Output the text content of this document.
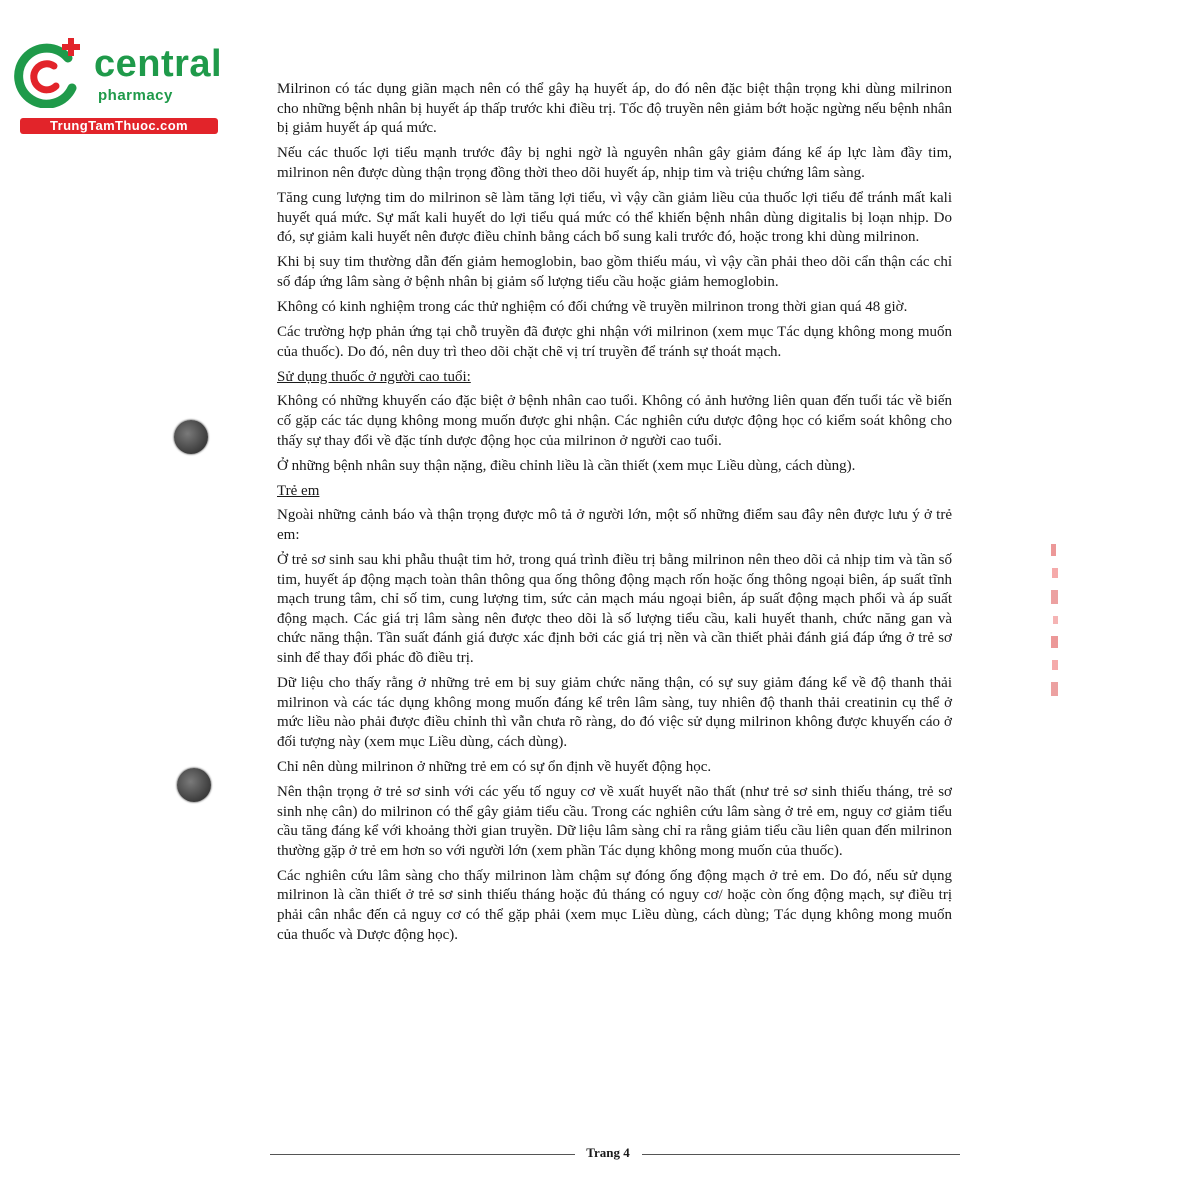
central
pharmacy
TrungTamThuoc.com

Milrinon có tác dụng giãn mạch nên có thể gây hạ huyết áp, do đó nên đặc biệt thận trọng khi dùng milrinon cho những bệnh nhân bị huyết áp thấp trước khi điều trị. Tốc độ truyền nên giảm bớt hoặc ngừng nếu bệnh nhân bị giảm huyết áp quá mức.

Nếu các thuốc lợi tiểu mạnh trước đây bị nghi ngờ là nguyên nhân gây giảm đáng kể áp lực làm đầy tim, milrinon nên được dùng thận trọng đồng thời theo dõi huyết áp, nhịp tim và triệu chứng lâm sàng.

Tăng cung lượng tim do milrinon sẽ làm tăng lợi tiểu, vì vậy cần giảm liều của thuốc lợi tiểu để tránh mất kali huyết quá mức. Sự mất kali huyết do lợi tiểu quá mức có thể khiến bệnh nhân dùng digitalis bị loạn nhịp. Do đó, sự giảm kali huyết nên được điều chỉnh bằng cách bổ sung kali trước đó, hoặc trong khi dùng milrinon.

Khi bị suy tim thường dẫn đến giảm hemoglobin, bao gồm thiếu máu, vì vậy cần phải theo dõi cẩn thận các chỉ số đáp ứng lâm sàng ở bệnh nhân bị giảm số lượng tiểu cầu hoặc giảm hemoglobin.

Không có kinh nghiệm trong các thử nghiệm có đối chứng về truyền milrinon trong thời gian quá 48 giờ.

Các trường hợp phản ứng tại chỗ truyền đã được ghi nhận với milrinon (xem mục Tác dụng không mong muốn của thuốc). Do đó, nên duy trì theo dõi chặt chẽ vị trí truyền để tránh sự thoát mạch.

Sử dụng thuốc ở người cao tuổi:

Không có những khuyến cáo đặc biệt ở bệnh nhân cao tuổi. Không có ảnh hưởng liên quan đến tuổi tác về biến cố gặp các tác dụng không mong muốn được ghi nhận. Các nghiên cứu dược động học có kiểm soát không cho thấy sự thay đổi về đặc tính dược động học của milrinon ở người cao tuổi.

Ở những bệnh nhân suy thận nặng, điều chỉnh liều là cần thiết (xem mục Liều dùng, cách dùng).

Trẻ em

Ngoài những cảnh báo và thận trọng được mô tả ở người lớn, một số những điểm sau đây nên được lưu ý ở trẻ em:

Ở trẻ sơ sinh sau khi phẫu thuật tim hở, trong quá trình điều trị bằng milrinon nên theo dõi cả nhịp tim và tần số tim, huyết áp động mạch toàn thân thông qua ống thông động mạch rốn hoặc ống thông ngoại biên, áp suất tĩnh mạch trung tâm, chỉ số tim, cung lượng tim, sức cản mạch máu ngoại biên, áp suất động mạch phổi và áp suất động mạch. Các giá trị lâm sàng nên được theo dõi là số lượng tiểu cầu, kali huyết thanh, chức năng gan và chức năng thận. Tần suất đánh giá được xác định bởi các giá trị nền và cần thiết phải đánh giá đáp ứng ở trẻ sơ sinh để thay đổi phác đồ điều trị.

Dữ liệu cho thấy rằng ở những trẻ em bị suy giảm chức năng thận, có sự suy giảm đáng kể về độ thanh thải milrinon và các tác dụng không mong muốn đáng kể trên lâm sàng, tuy nhiên độ thanh thải creatinin cụ thể ở mức liều nào phải được điều chỉnh thì vẫn chưa rõ ràng, do đó việc sử dụng milrinon không được khuyến cáo ở đối tượng này (xem mục Liều dùng, cách dùng).

Chỉ nên dùng milrinon ở những trẻ em có sự ổn định về huyết động học.

Nên thận trọng ở trẻ sơ sinh với các yếu tố nguy cơ về xuất huyết não thất (như trẻ sơ sinh thiếu tháng, trẻ sơ sinh nhẹ cân) do milrinon có thể gây giảm tiểu cầu. Trong các nghiên cứu lâm sàng ở trẻ em, nguy cơ giảm tiểu cầu tăng đáng kể với khoảng thời gian truyền. Dữ liệu lâm sàng chỉ ra rằng giảm tiểu cầu liên quan đến milrinon thường gặp ở trẻ em hơn so với người lớn (xem phần Tác dụng không mong muốn của thuốc).

Các nghiên cứu lâm sàng cho thấy milrinon làm chậm sự đóng ống động mạch ở trẻ em. Do đó, nếu sử dụng milrinon là cần thiết ở trẻ sơ sinh thiếu tháng hoặc đủ tháng có nguy cơ/ hoặc còn ống động mạch, sự điều trị phải cân nhắc đến cả nguy cơ có thể gặp phải (xem mục Liều dùng, cách dùng; Tác dụng không mong muốn của thuốc và Dược động học).

Trang 4
